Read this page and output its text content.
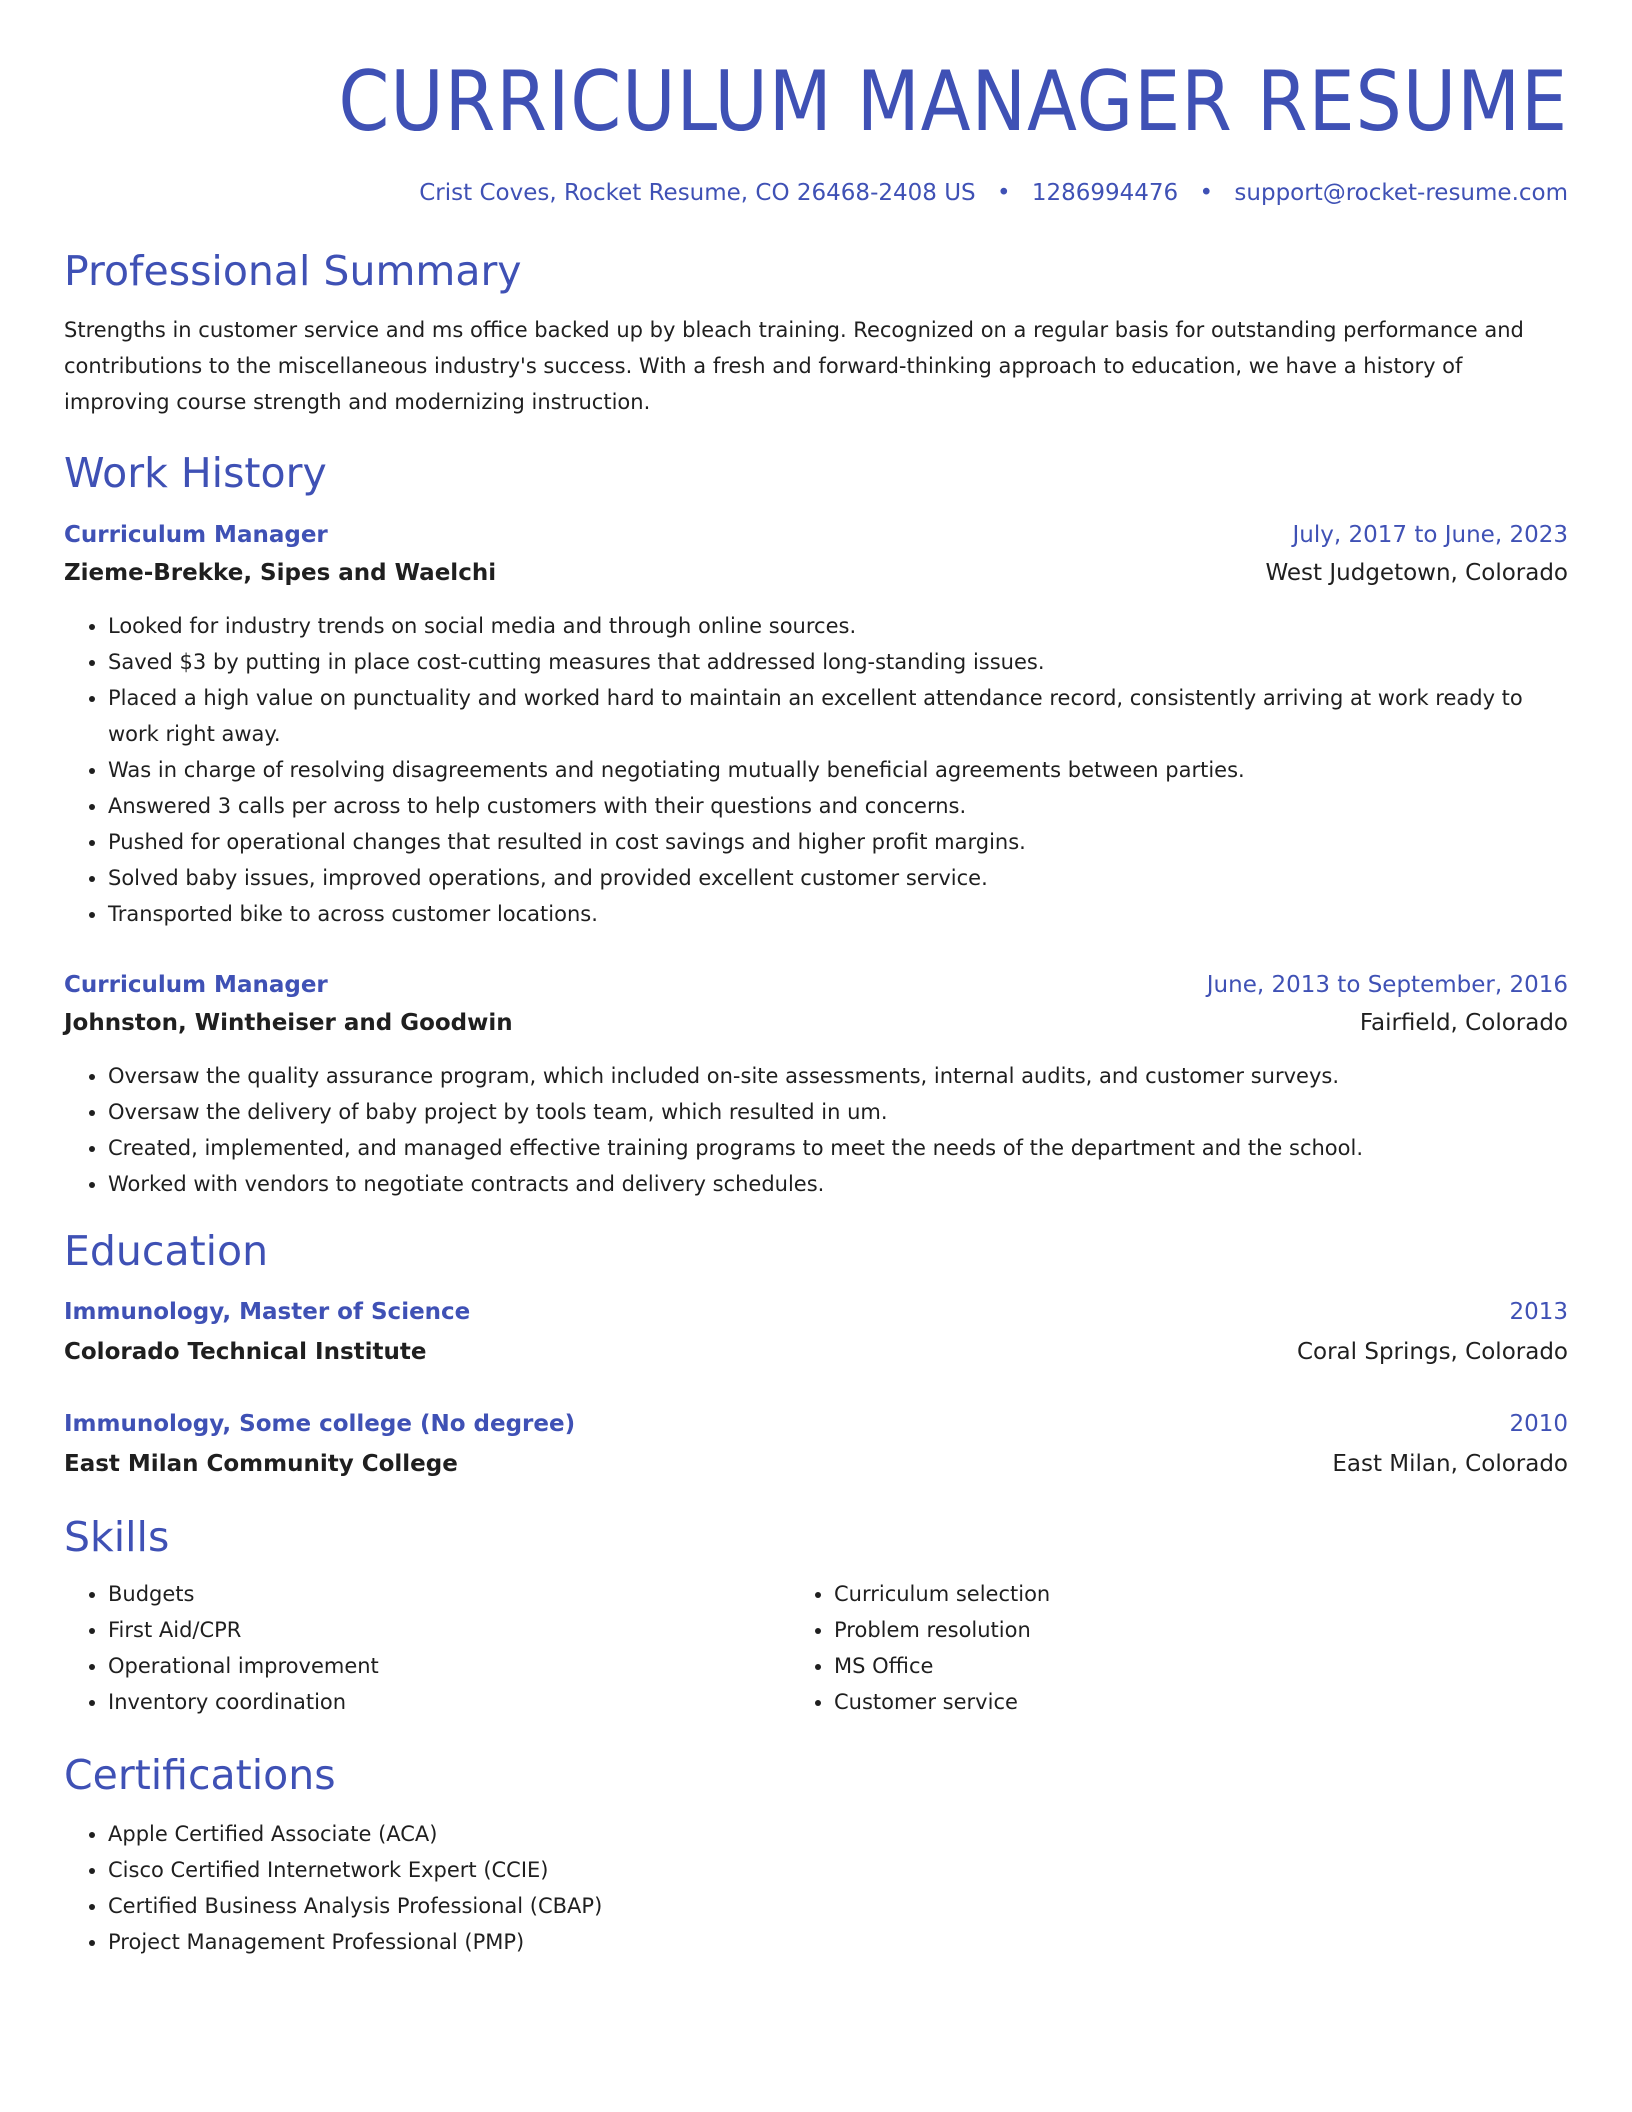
CURRICULUM MANAGER RESUME
Crist Coves, Rocket Resume, CO 26468-2408 US • 1286994476 • support@rocket-resume.com
Professional Summary
Strengths in customer service and ms office backed up by bleach training. Recognized on a regular basis for outstanding performance and contributions to the miscellaneous industry's success. With a fresh and forward-thinking approach to education, we have a history of improving course strength and modernizing instruction.
Work History
Curriculum Manager	July, 2017 to June, 2023
Zieme-Brekke, Sipes and Waelchi	West Judgetown, Colorado
• Looked for industry trends on social media and through online sources.
• Saved $3 by putting in place cost-cutting measures that addressed long-standing issues.
• Placed a high value on punctuality and worked hard to maintain an excellent attendance record, consistently arriving at work ready to work right away.
• Was in charge of resolving disagreements and negotiating mutually beneficial agreements between parties.
• Answered 3 calls per across to help customers with their questions and concerns.
• Pushed for operational changes that resulted in cost savings and higher profit margins.
• Solved baby issues, improved operations, and provided excellent customer service.
• Transported bike to across customer locations.
Curriculum Manager	June, 2013 to September, 2016
Johnston, Wintheiser and Goodwin	Fairfield, Colorado
• Oversaw the quality assurance program, which included on-site assessments, internal audits, and customer surveys.
• Oversaw the delivery of baby project by tools team, which resulted in um.
• Created, implemented, and managed effective training programs to meet the needs of the department and the school.
• Worked with vendors to negotiate contracts and delivery schedules.
Education
Immunology, Master of Science	2013
Colorado Technical Institute	Coral Springs, Colorado
Immunology, Some college (No degree)	2010
East Milan Community College	East Milan, Colorado
Skills
• Budgets
• First Aid/CPR
• Operational improvement
• Inventory coordination
• Curriculum selection
• Problem resolution
• MS Office
• Customer service
Certifications
• Apple Certified Associate (ACA)
• Cisco Certified Internetwork Expert (CCIE)
• Certified Business Analysis Professional (CBAP)
• Project Management Professional (PMP)
